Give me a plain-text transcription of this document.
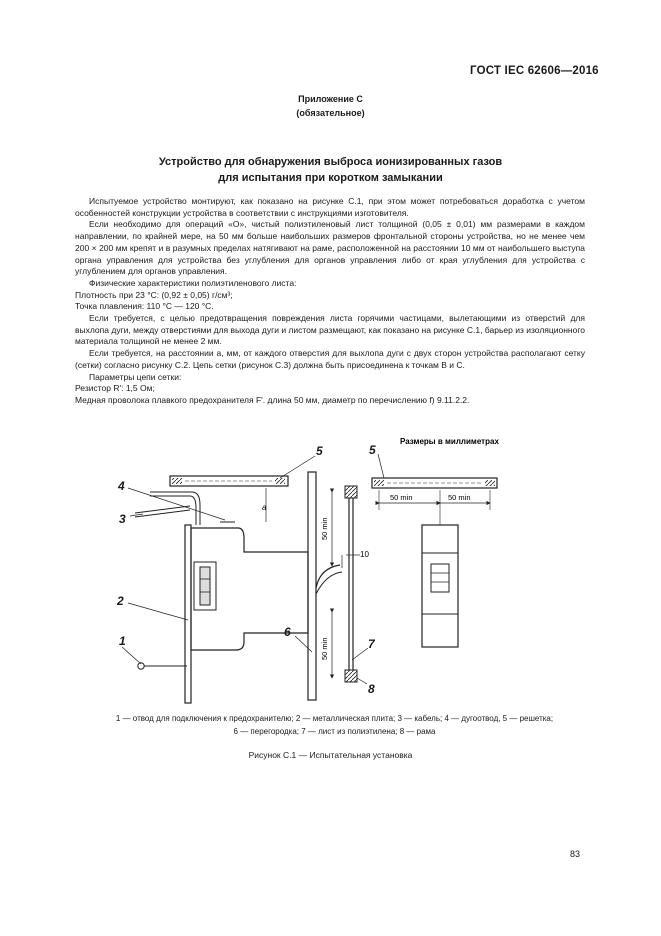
ГОСТ IEC 62606—2016
Приложение С
(обязательное)
Устройство для обнаружения выброса ионизированных газов
для испытания при коротком замыкании

Испытуемое устройство монтируют, как показано на рисунке С.1, при этом может потребоваться доработка с учетом особенностей конструкции устройства в соответствии с инструкциями изготовителя.

Если необходимо для операций «О», чистый полиэтиленовый лист толщиной (0,05 ± 0,01) мм размерами в каждом направлении, по крайней мере, на 50 мм больше наибольших размеров фронтальной стороны устройства, но не менее чем 200 × 200 мм крепят и в разумных пределах натягивают на раме, расположенной на расстоянии 10 мм от наибольшего выступа органа управления для устройства без углубления для органов управления либо от края углубления для устройства с углублением для органов управления.

Физические характеристики полиэтиленового листа:

Плотность при 23 °С: (0,92 ± 0,05) г/см³;

Точка плавления: 110 °С — 120 °С.

Если требуется, с целью предотвращения повреждения листа горячими частицами, вылетающими из отверстий для выхлопа дуги, между отверстиями для выхода дуги и листом размещают, как показано на рисунке С.1, барьер из изоляционного материала толщиной не менее 2 мм.

Если требуется, на расстоянии a, мм, от каждого отверстия для выхлопа дуги с двух сторон устройства располагают сетку (сетки) согласно рисунку С.2. Цепь сетки (рисунок С.3) должна быть присоединена к точкам В и С.

Параметры цепи сетки:

Резистор R': 1,5 Ом;

Медная проволока плавкого предохранителя F'. длина 50 мм, диаметр по перечислению f) 9.11.2.2.

a
50 min
50 min
10
1
2
3
4
5
6
7
8
5
Размеры в миллиметрах
50 min	50 min
1 — отвод для подключения к предохранителю; 2 — металлическая плита; 3 — кабель; 4 — дугоотвод, 5 — решетка;
6 — перегородка; 7 — лист из полиэтилена; 8 — рама
Рисунок С.1 — Испытательная установка
83
